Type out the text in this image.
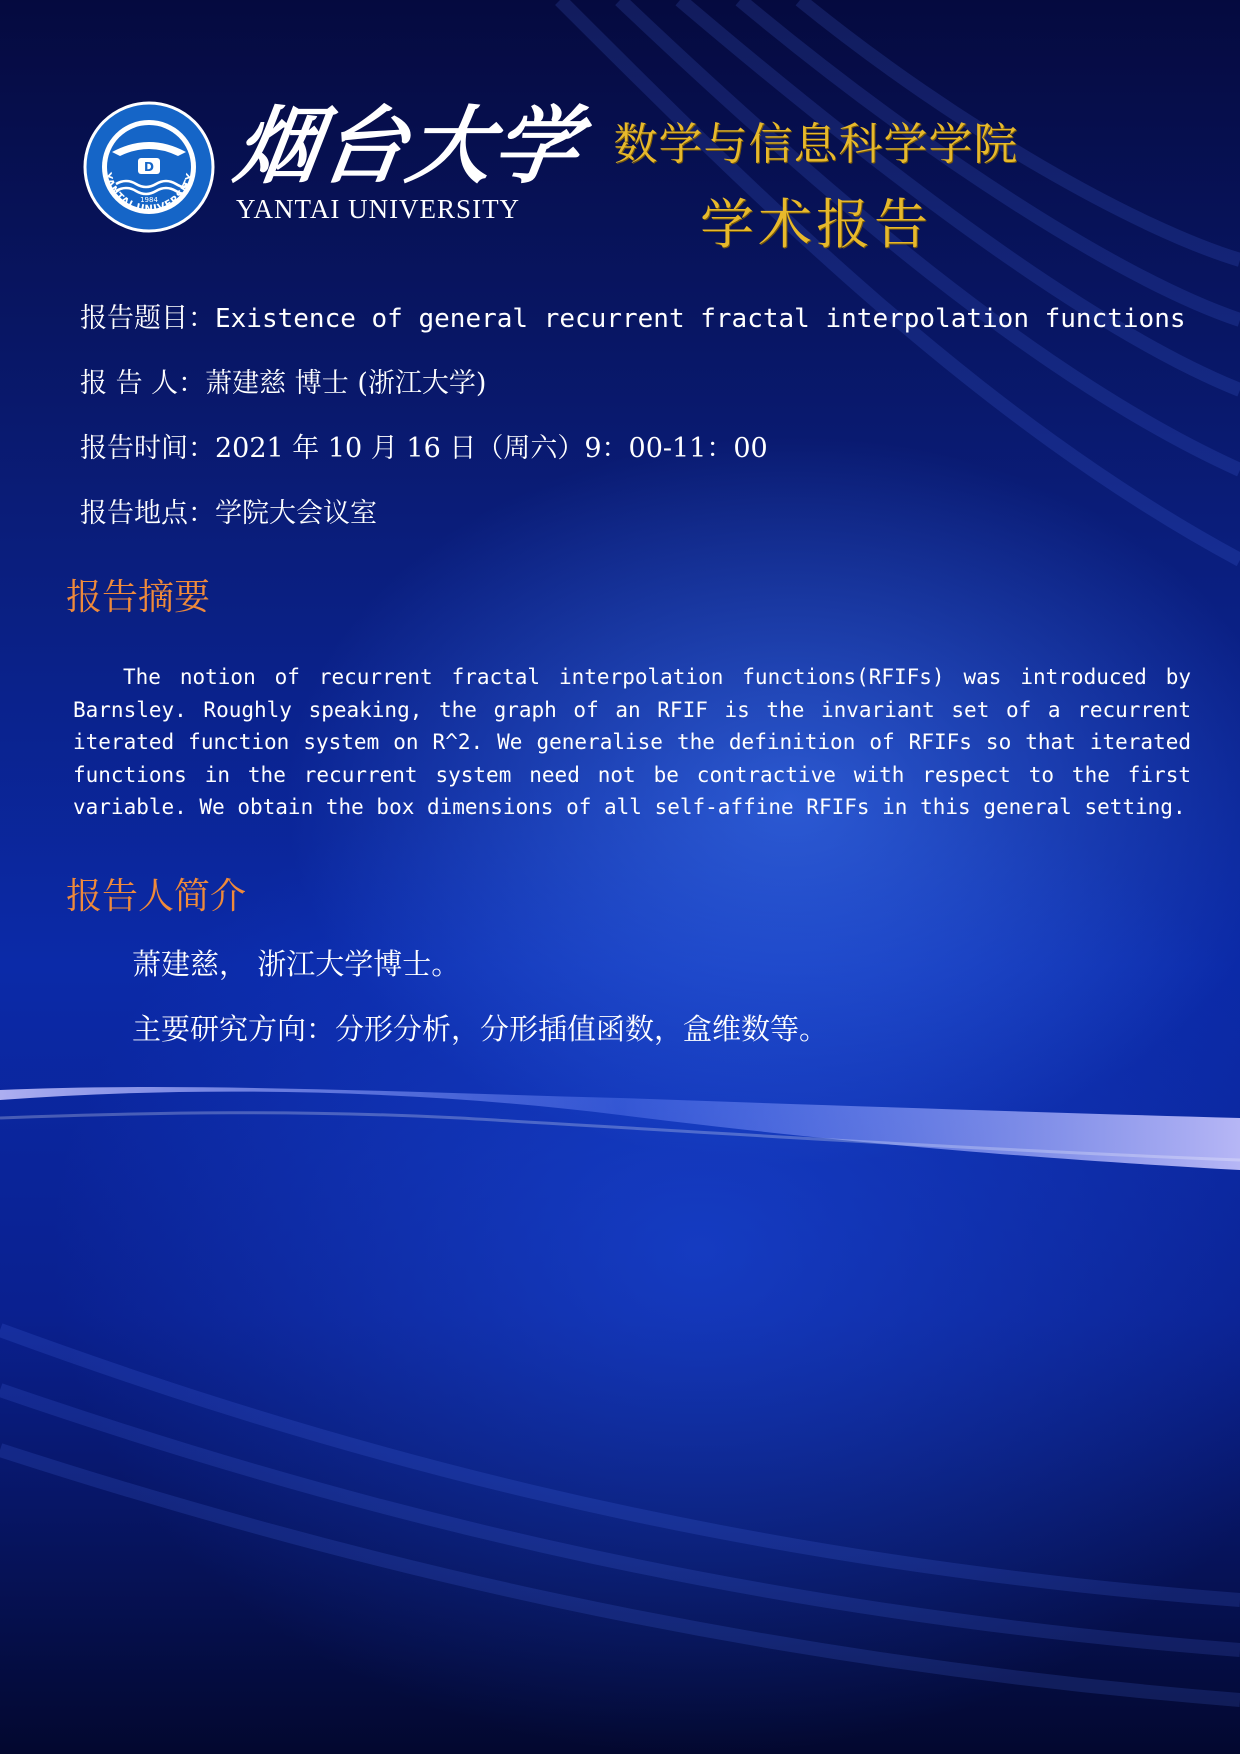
D
1984
YANTAI UNIVERSITY 烟台大学
YANTAI UNIVERSITY
数学与信息科学学院
学术报告
报告题目：Existence of general recurrent fractal interpolation functions
报 告 人：萧建慈 博士 (浙江大学)
报告时间：2021 年 10 月 16 日（周六）9：00-11：00
报告地点：学院大会议室
报告摘要
The notion of recurrent fractal interpolation functions(RFIFs) was introduced by Barnsley. Roughly speaking, the graph of an RFIF is the invariant set of a recurrent iterated function system on R^2. We generalise the definition of RFIFs so that iterated functions in the recurrent system need not be contractive with respect to the first variable. We obtain the box dimensions of all self-affine RFIFs in this general setting.
报告人简介
萧建慈， 浙江大学博士。
主要研究方向：分形分析，分形插值函数，盒维数等。
